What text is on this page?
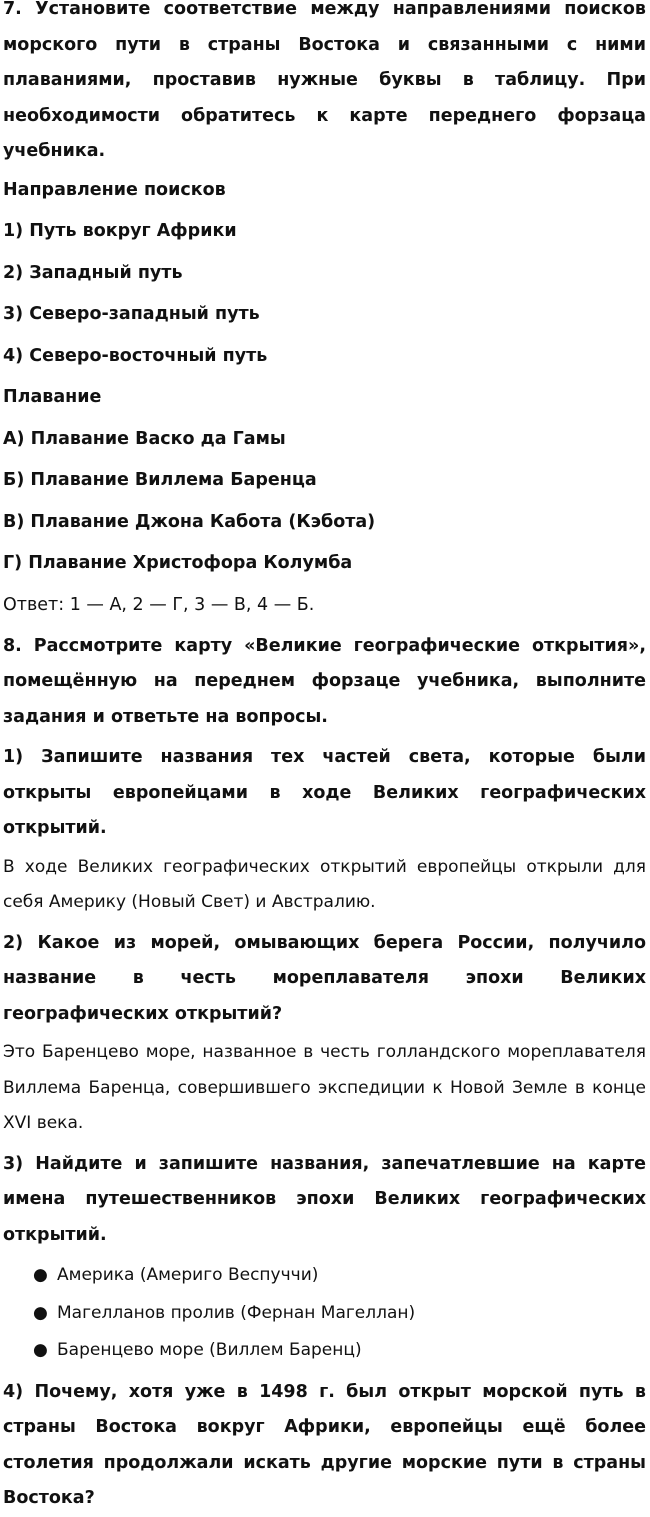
7. Установите соответствие между направлениями поисков морского пути в страны Востока и связанными с ними плаваниями, проставив нужные буквы в таблицу. При необходимости обратитесь к карте переднего форзаца учебника.

Направление поисков

1) Путь вокруг Африки

2) Западный путь

3) Северо-западный путь

4) Северо-восточный путь

Плавание

А) Плавание Васко да Гамы

Б) Плавание Виллема Баренца

В) Плавание Джона Кабота (Кэбота)

Г) Плавание Христофора Колумба

Ответ: 1 — А, 2 — Г, 3 — В, 4 — Б.

8. Рассмотрите карту «Великие географические открытия», помещённую на переднем форзаце учебника, выполните задания и ответьте на вопросы.

1) Запишите названия тех частей света, которые были открыты европейцами в ходе Великих географических открытий.

В ходе Великих географических открытий европейцы открыли для себя Америку (Новый Свет) и Австралию.

2) Какое из морей, омывающих берега России, получило название в честь мореплавателя эпохи Великих географических открытий?

Это Баренцево море, названное в честь голландского мореплавателя Виллема Баренца, совершившего экспедиции к Новой Земле в конце XVI века.

3) Найдите и запишите названия, запечатлевшие на карте имена путешественников эпохи Великих географических открытий.

● Америка (Америго Веспуччи)
● Магелланов пролив (Фернан Магеллан)
● Баренцево море (Виллем Баренц)

4) Почему, хотя уже в 1498 г. был открыт морской путь в страны Востока вокруг Африки, европейцы ещё более столетия продолжали искать другие морские пути в страны Востока?
